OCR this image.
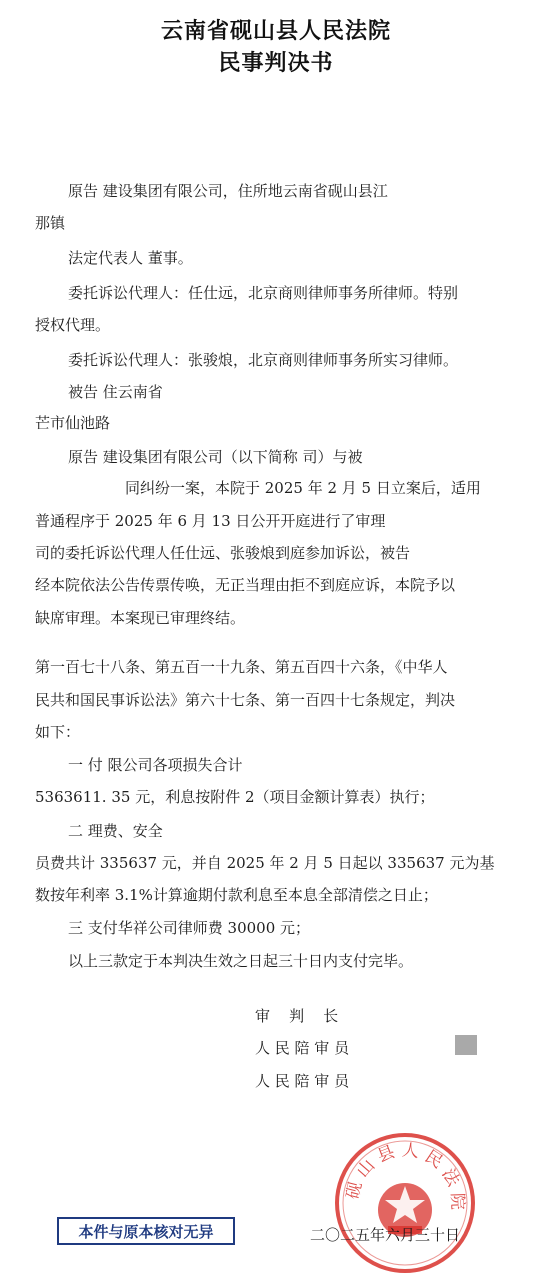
云南省砚山县人民法院
民事判决书
原告 建设集团有限公司，住所地云南省砚山县江
那镇
法定代表人 董事。
委托诉讼代理人：任仕远，北京商则律师事务所律师。特别
授权代理。
委托诉讼代理人：张骏烺，北京商则律师事务所实习律师。
被告 住云南省
芒市仙池路
原告 建设集团有限公司（以下简称 司）与被
同纠纷一案，本院于 2025 年 2 月 5 日立案后，适用
普通程序于 2025 年 6 月 13 日公开开庭进行了审理
司的委托诉讼代理人任仕远、张骏烺到庭参加诉讼，被告
经本院依法公告传票传唤，无正当理由拒不到庭应诉，本院予以
缺席审理。本案现已审理终结。
第一百七十八条、第五百一十九条、第五百四十六条，《中华人
民共和国民事诉讼法》第六十七条、第一百四十七条规定，判决
如下：
一 付 限公司各项损失合计
5363611. 35 元，利息按附件 2（项目金额计算表）执行；
二 理费、安全
员费共计 335637 元，并自 2025 年 2 月 5 日起以 335637 元为基
数按年利率 3.1%计算逾期付款利息至本息全部清偿之日止；
三 支付华祥公司律师费 30000 元；
以上三款定于本判决生效之日起三十日内支付完毕。
审    判    长
人 民 陪 审 员
人 民 陪 审 员
砚 山 县 人 民 法 院
本件与原本核对无异	二〇二五年六月三十日
